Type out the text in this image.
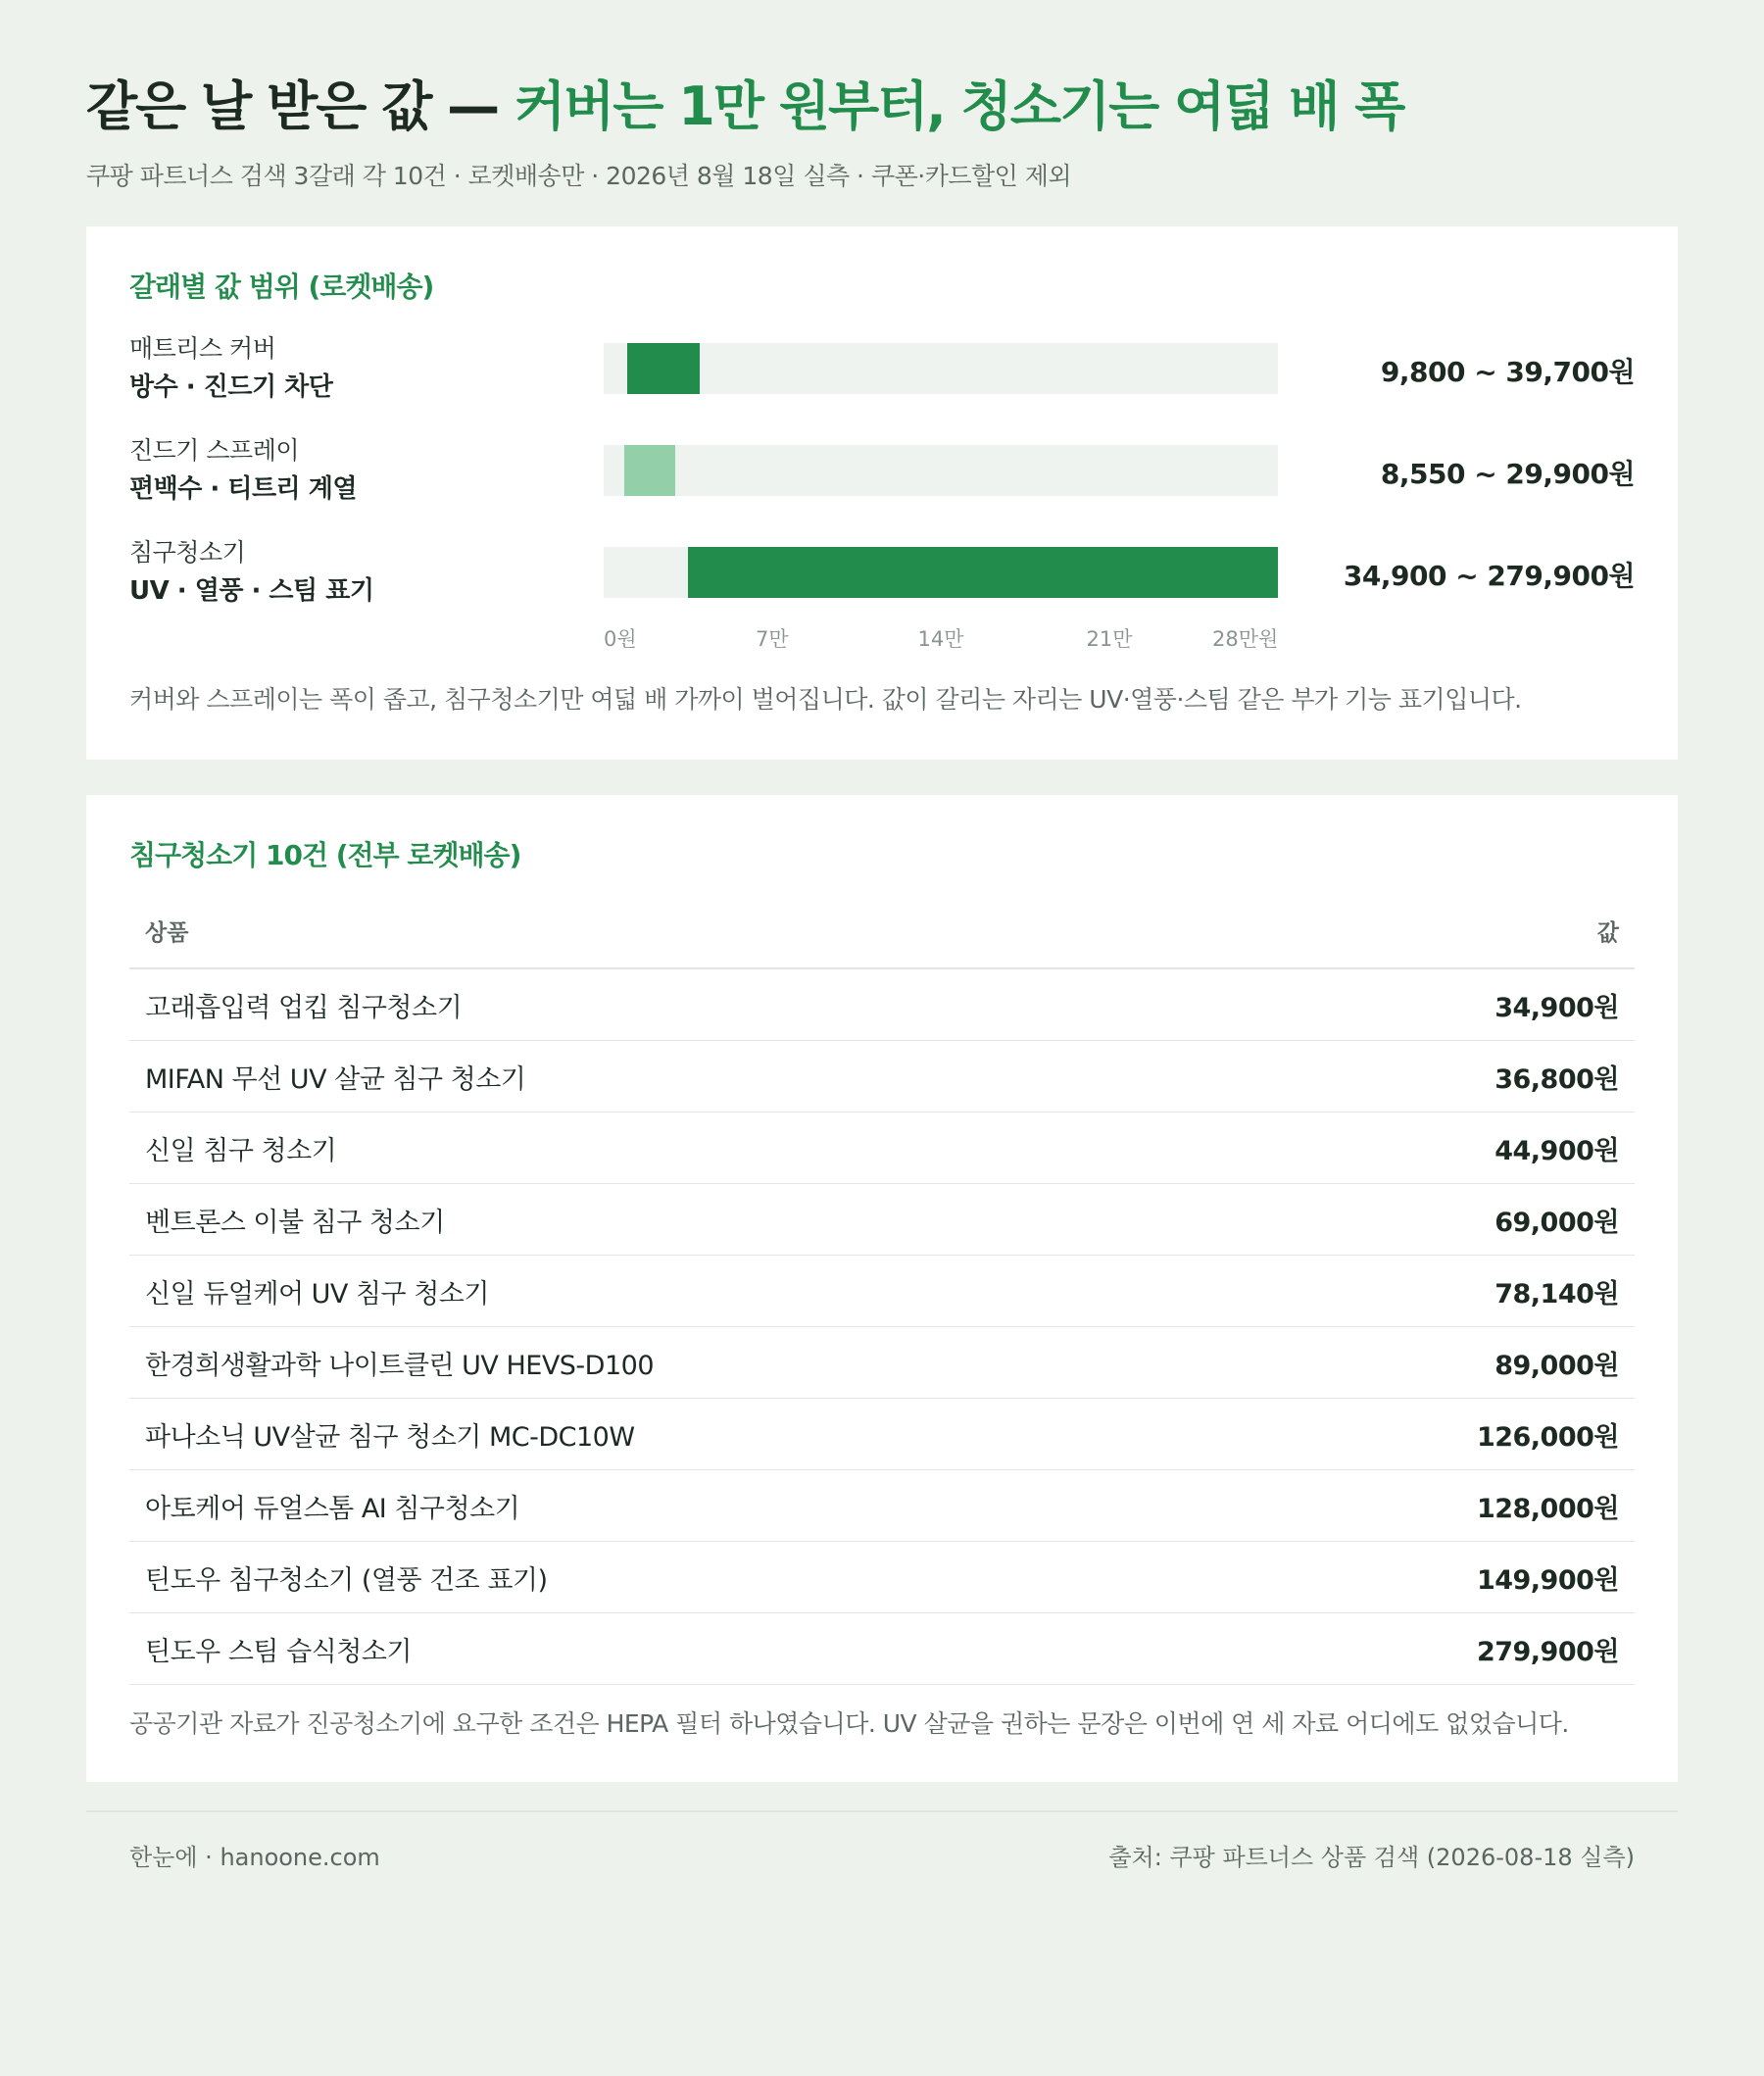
같은 날 받은 값 — 커버는 1만 원부터, 청소기는 여덟 배 폭
쿠팡 파트너스 검색 3갈래 각 10건 · 로켓배송만 · 2026년 8월 18일 실측 · 쿠폰·카드할인 제외
갈래별 값 범위 (로켓배송)
매트리스 커버
방수 · 진드기 차단	9,800 ~ 39,700원
진드기 스프레이
편백수 · 티트리 계열	8,550 ~ 29,900원
침구청소기
UV · 열풍 · 스팀 표기	34,900 ~ 279,900원
0원	7만	14만	21만	28만원
커버와 스프레이는 폭이 좁고, 침구청소기만 여덟 배 가까이 벌어집니다. 값이 갈리는 자리는 UV·열풍·스팀 같은 부가 기능 표기입니다.
침구청소기 10건 (전부 로켓배송)
상품	값
고래흡입력 업킵 침구청소기	34,900원
MIFAN 무선 UV 살균 침구 청소기	36,800원
신일 침구 청소기	44,900원
벤트론스 이불 침구 청소기	69,000원
신일 듀얼케어 UV 침구 청소기	78,140원
한경희생활과학 나이트클린 UV HEVS-D100	89,000원
파나소닉 UV살균 침구 청소기 MC-DC10W	126,000원
아토케어 듀얼스톰 AI 침구청소기	128,000원
틴도우 침구청소기 (열풍 건조 표기)	149,900원
틴도우 스팀 습식청소기	279,900원
공공기관 자료가 진공청소기에 요구한 조건은 HEPA 필터 하나였습니다. UV 살균을 권하는 문장은 이번에 연 세 자료 어디에도 없었습니다.
한눈에 · hanoone.com	출처: 쿠팡 파트너스 상품 검색 (2026-08-18 실측)
